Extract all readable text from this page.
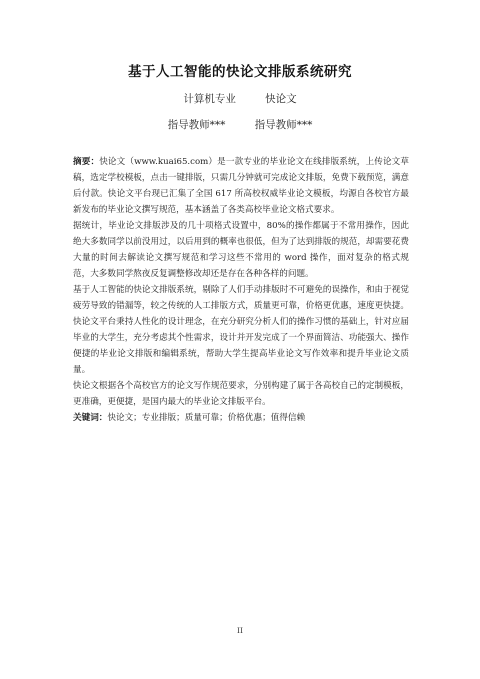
基于人工智能的快论文排版系统研究
计算机专业	快论文
指导教师***	指导教师***

摘要：快论文（www.kuai65.com）是一款专业的毕业论文在线排版系统，上传论文草稿，选定学校模板，点击一键排版，只需几分钟就可完成论文排版，免费下载预览，满意后付款。快论文平台现已汇集了全国 617 所高校权威毕业论文模板，均源自各校官方最新发布的毕业论文撰写规范，基本涵盖了各类高校毕业论文格式要求。

据统计，毕业论文排版涉及的几十项格式设置中，80%的操作都属于不常用操作，因此绝大多数同学以前没用过，以后用到的概率也很低，但为了达到排版的规范，却需要花费大量的时间去解读论文撰写规范和学习这些不常用的 word 操作，面对复杂的格式规范，大多数同学熬夜反复调整修改却还是存在各种各样的问题。

基于人工智能的快论文排版系统，剔除了人们手动排版时不可避免的误操作，和由于视觉疲劳导致的错漏等，较之传统的人工排版方式，质量更可靠，价格更优惠，速度更快捷。快论文平台秉持人性化的设计理念，在充分研究分析人们的操作习惯的基础上，针对应届毕业的大学生，充分考虑其个性需求，设计并开发完成了一个界面简洁、功能强大、操作便捷的毕业论文排版和编辑系统，帮助大学生提高毕业论文写作效率和提升毕业论文质量。

快论文根据各个高校官方的论文写作规范要求，分别构建了属于各高校自己的定制模板，更准确，更便捷，是国内最大的毕业论文排版平台。

关键词：快论文；专业排版；质量可靠；价格优惠；值得信赖

II
